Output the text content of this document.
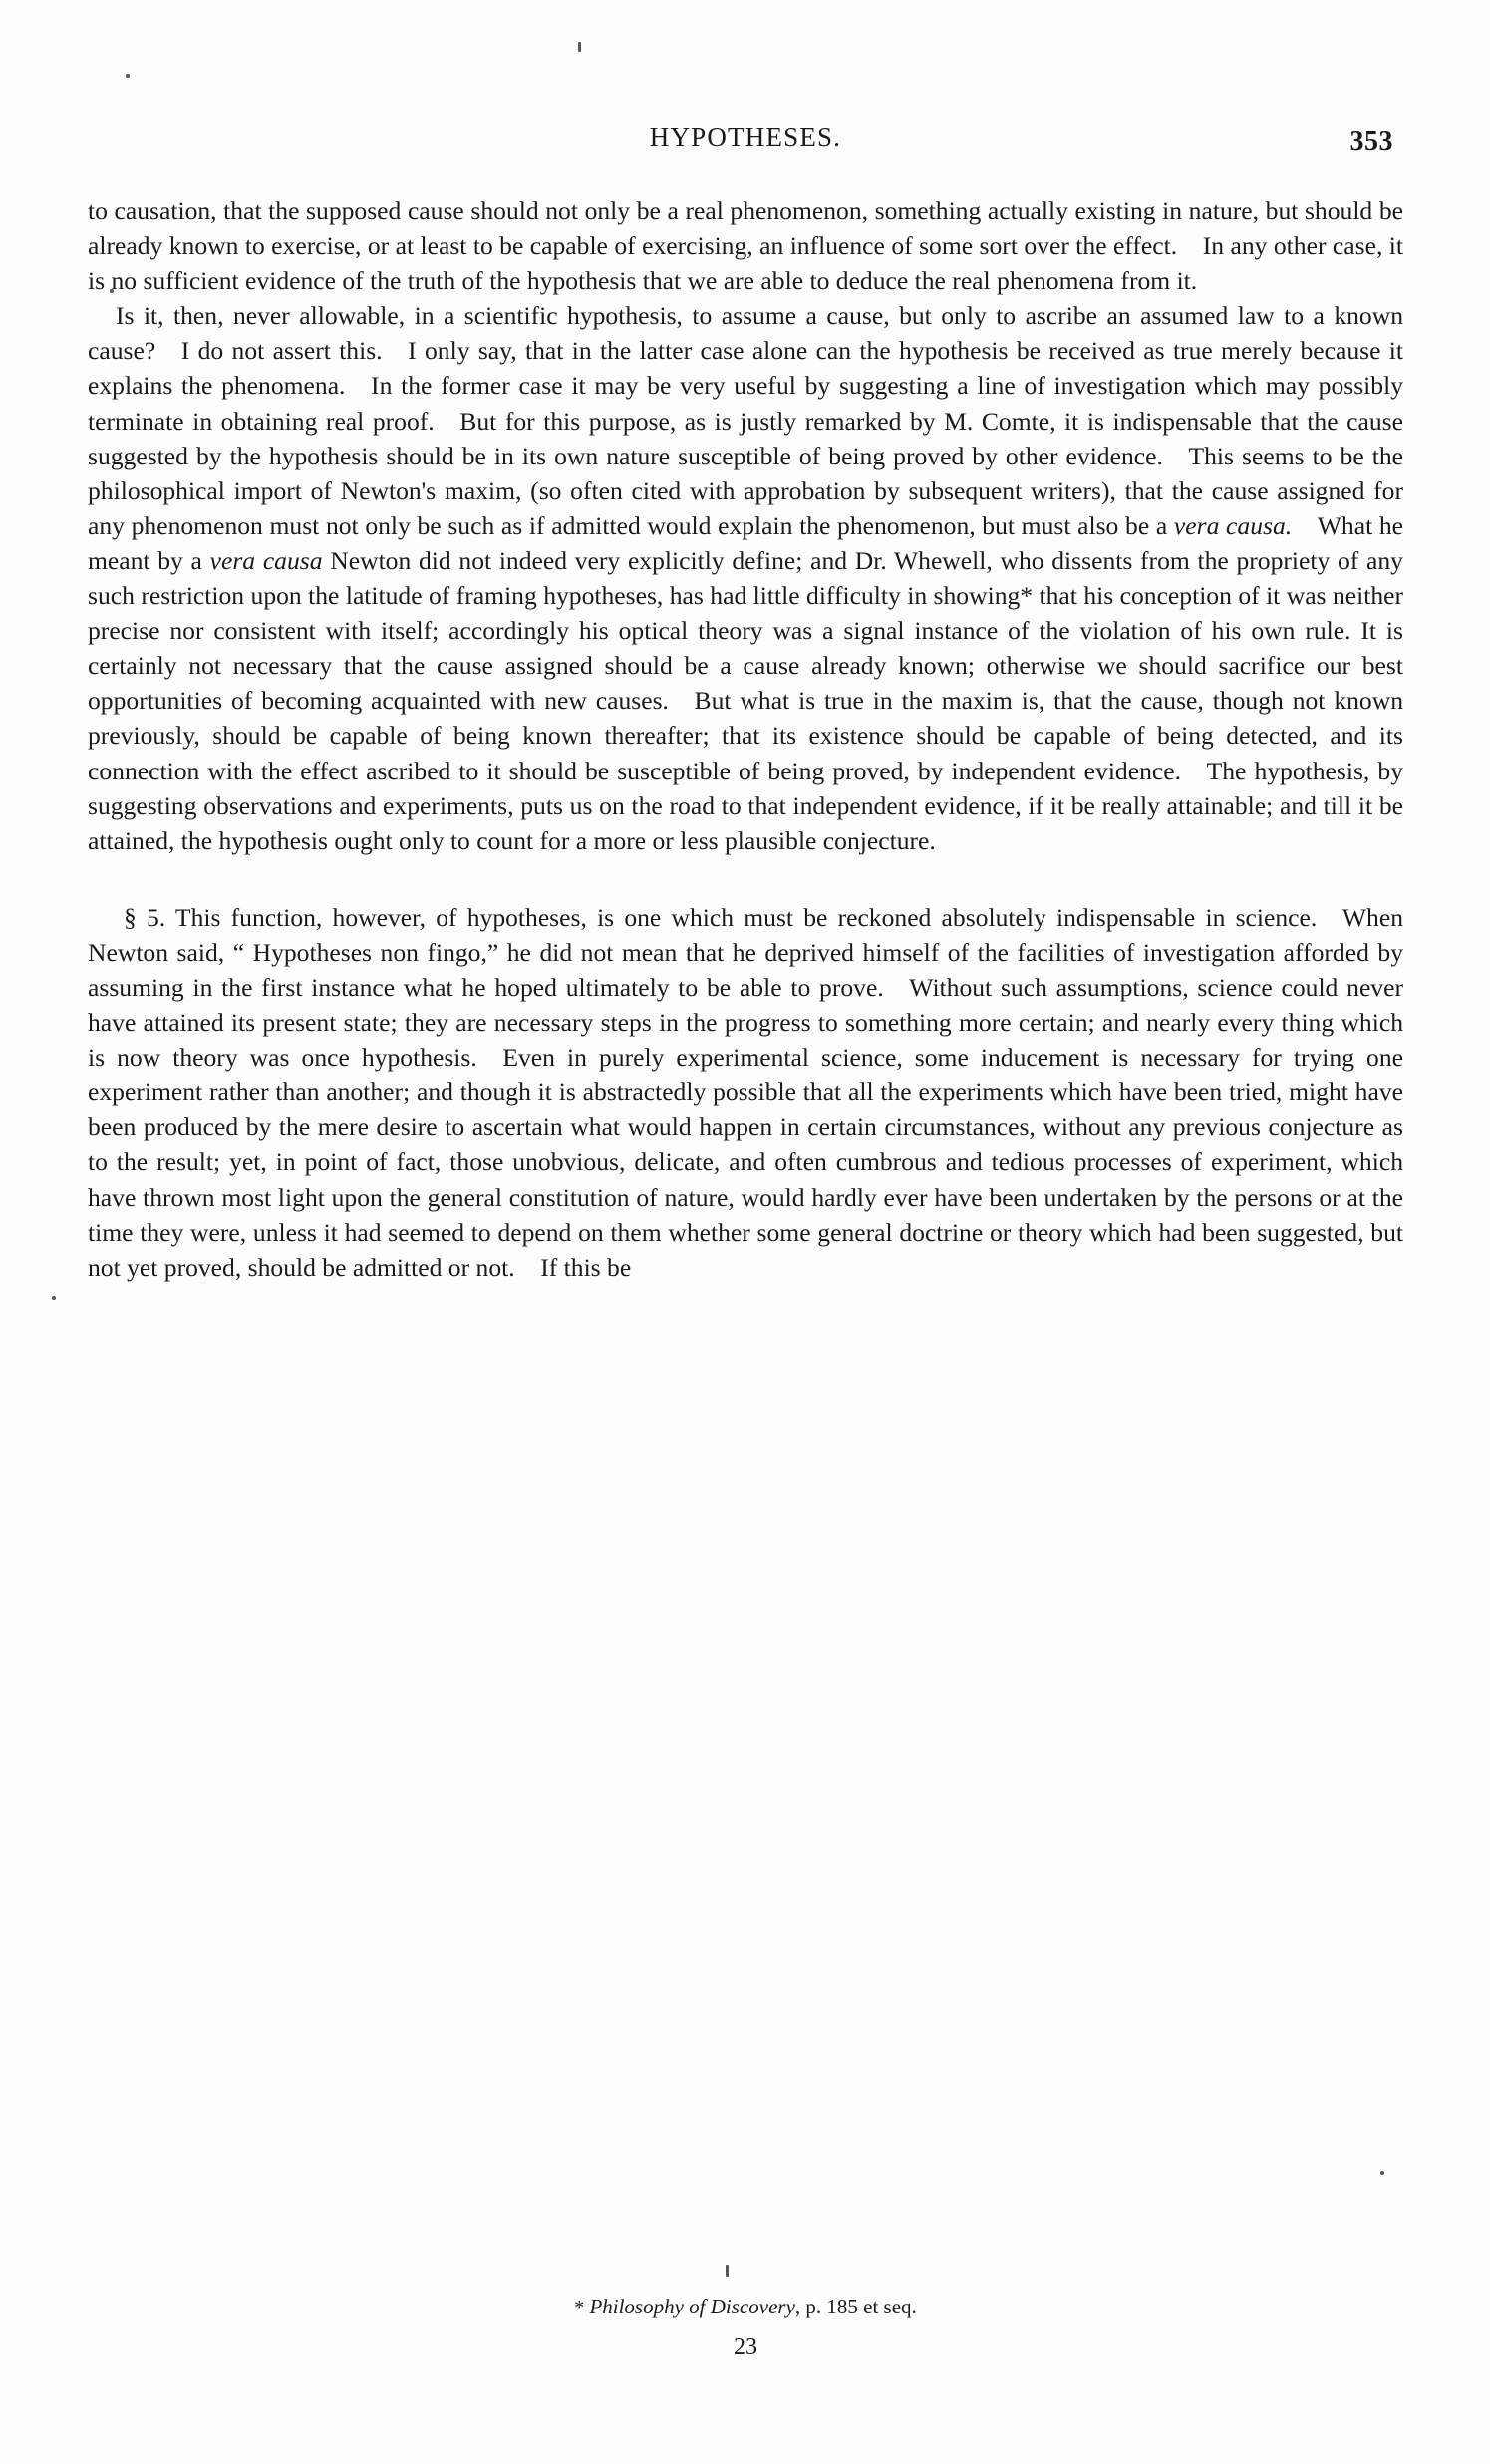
HYPOTHESES.	353

to causation, that the supposed cause should not only be a real phenomenon, something actually existing in nature, but should be already known to exercise, or at least to be capable of exercising, an influence of some sort over the effect. In any other case, it is no sufficient evidence of the truth of the hypothesis that we are able to deduce the real phenomena from it.

Is it, then, never allowable, in a scientific hypothesis, to assume a cause, but only to ascribe an assumed law to a known cause? I do not assert this. I only say, that in the latter case alone can the hypothesis be received as true merely because it explains the phenomena. In the former case it may be very useful by suggesting a line of investigation which may possibly terminate in obtaining real proof. But for this purpose, as is justly remarked by M. Comte, it is indispensable that the cause suggested by the hypothesis should be in its own nature susceptible of being proved by other evidence. This seems to be the philosophical import of Newton's maxim, (so often cited with approbation by subsequent writers), that the cause assigned for any phenomenon must not only be such as if admitted would explain the phenomenon, but must also be a vera causa. What he meant by a vera causa Newton did not indeed very explicitly define; and Dr. Whewell, who dissents from the propriety of any such restriction upon the latitude of framing hypotheses, has had little difficulty in showing* that his conception of it was neither precise nor consistent with itself; accordingly his optical theory was a signal instance of the violation of his own rule. It is certainly not necessary that the cause assigned should be a cause already known; otherwise we should sacrifice our best opportunities of becoming acquainted with new causes. But what is true in the maxim is, that the cause, though not known previously, should be capable of being known thereafter; that its existence should be capable of being detected, and its connection with the effect ascribed to it should be susceptible of being proved, by independent evidence. The hypothesis, by suggesting observations and experiments, puts us on the road to that independent evidence, if it be really attainable; and till it be attained, the hypothesis ought only to count for a more or less plausible conjecture.

§ 5. This function, however, of hypotheses, is one which must be reckoned absolutely indispensable in science. When Newton said, “ Hypotheses non fingo,” he did not mean that he deprived himself of the facilities of investigation afforded by assuming in the first instance what he hoped ultimately to be able to prove. Without such assumptions, science could never have attained its present state; they are necessary steps in the progress to something more certain; and nearly every thing which is now theory was once hypothesis. Even in purely experimental science, some inducement is necessary for trying one experiment rather than another; and though it is abstractedly possible that all the experiments which have been tried, might have been produced by the mere desire to ascertain what would happen in certain circumstances, without any previous conjecture as to the result; yet, in point of fact, those unobvious, delicate, and often cumbrous and tedious processes of experiment, which have thrown most light upon the general constitution of nature, would hardly ever have been undertaken by the persons or at the time they were, unless it had seemed to depend on them whether some general doctrine or theory which had been suggested, but not yet proved, should be admitted or not. If this be

* Philosophy of Discovery, p. 185 et seq.
23
